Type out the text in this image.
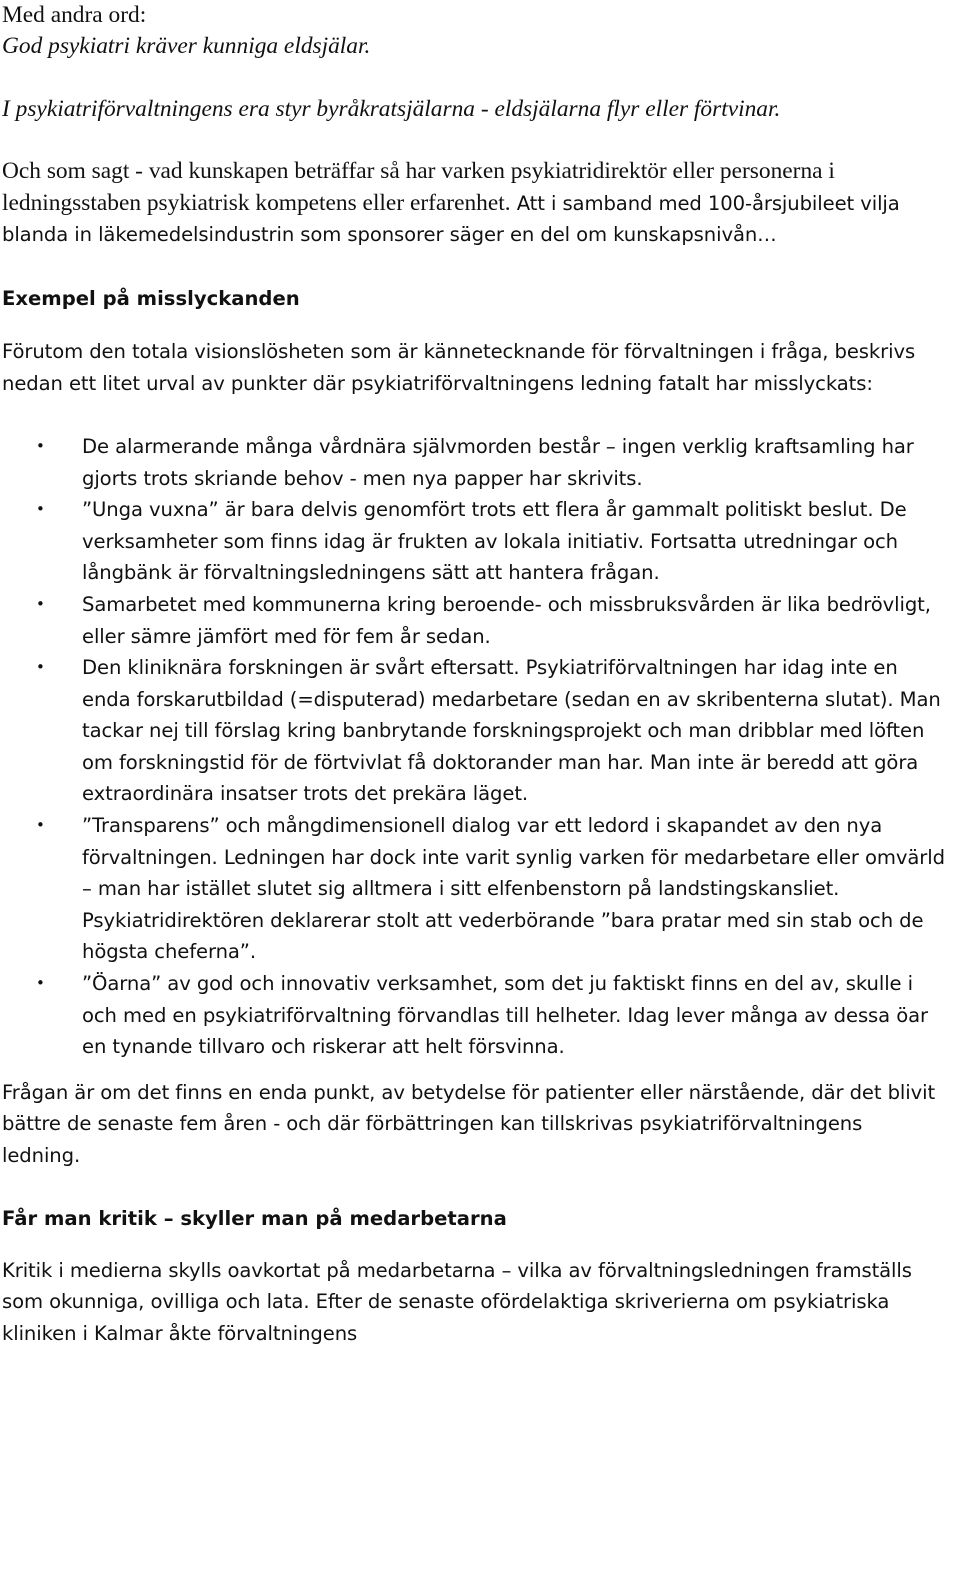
Med andra ord:

God psykiatri kräver kunniga eldsjälar.

I psykiatriförvaltningens era styr byråkratsjälarna - eldsjälarna flyr eller förtvinar.

Och som sagt - vad kunskapen beträffar så har varken psykiatridirektör eller personerna i ledningsstaben psykiatrisk kompetens eller erfarenhet. Att i samband med 100-årsjubileet vilja blanda in läkemedelsindustrin som sponsorer säger en del om kunskapsnivån…

Exempel på misslyckanden

Förutom den totala visionslösheten som är kännetecknande för förvaltningen i fråga, beskrivs nedan ett litet urval av punkter där psykiatriförvaltningens ledning fatalt har misslyckats:

• De alarmerande många vårdnära självmorden består – ingen verklig kraftsamling har gjorts trots skriande behov - men nya papper har skrivits.
• ”Unga vuxna” är bara delvis genomfört trots ett flera år gammalt politiskt beslut. De verksamheter som finns idag är frukten av lokala initiativ. Fortsatta utredningar och långbänk är förvaltningsledningens sätt att hantera frågan.
• Samarbetet med kommunerna kring beroende- och missbruksvården är lika bedrövligt, eller sämre jämfört med för fem år sedan.
• Den kliniknära forskningen är svårt eftersatt. Psykiatriförvaltningen har idag inte en enda forskarutbildad (=disputerad) medarbetare (sedan en av skribenterna slutat). Man tackar nej till förslag kring banbrytande forskningsprojekt och man dribblar med löften om forskningstid för de förtvivlat få doktorander man har. Man inte är beredd att göra extraordinära insatser trots det prekära läget.
• ”Transparens” och mångdimensionell dialog var ett ledord i skapandet av den nya förvaltningen. Ledningen har dock inte varit synlig varken för medarbetare eller omvärld – man har istället slutet sig alltmera i sitt elfenbenstorn på landstingskansliet. Psykiatridirektören deklarerar stolt att vederbörande ”bara pratar med sin stab och de högsta cheferna”.
• ”Öarna” av god och innovativ verksamhet, som det ju faktiskt finns en del av, skulle i och med en psykiatriförvaltning förvandlas till helheter. Idag lever många av dessa öar en tynande tillvaro och riskerar att helt försvinna.

Frågan är om det finns en enda punkt, av betydelse för patienter eller närstående, där det blivit bättre de senaste fem åren - och där förbättringen kan tillskrivas psykiatriförvaltningens ledning.

Får man kritik – skyller man på medarbetarna

Kritik i medierna skylls oavkortat på medarbetarna – vilka av förvaltningsledningen framställs som okunniga, ovilliga och lata. Efter de senaste ofördelaktiga skriverierna om psykiatriska kliniken i Kalmar åkte förvaltningens
